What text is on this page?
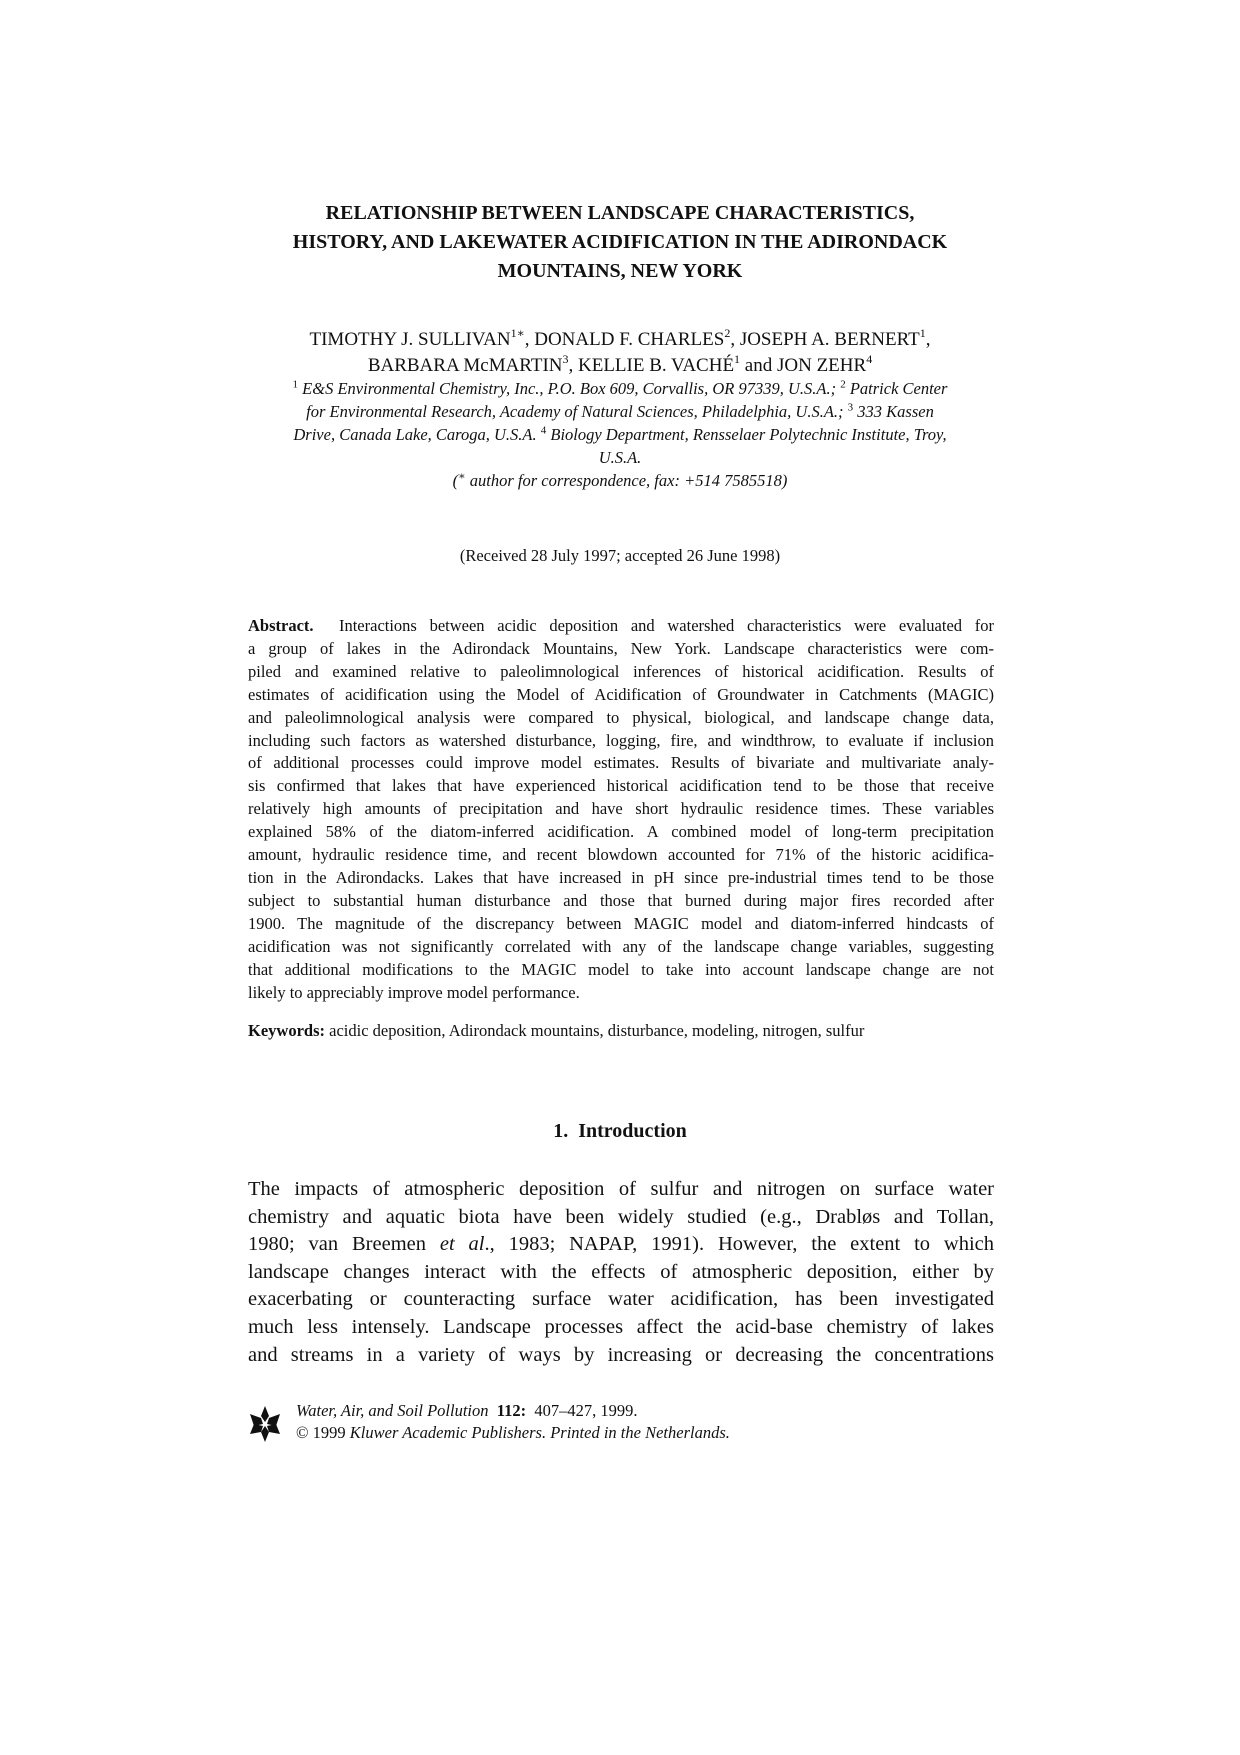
RELATIONSHIP BETWEEN LANDSCAPE CHARACTERISTICS,
HISTORY, AND LAKEWATER ACIDIFICATION IN THE ADIRONDACK
MOUNTAINS, NEW YORK
TIMOTHY J. $SULLIVAN^{1∗}$, DONALD F. CHARLES$^2$, JOSEPH A. BERNERT$^1$,
BARBARA McMARTIN$^3$, KELLIE B. VACHÉ$^1$ and JON ZEHR$^4$
$^1$ E&S Environmental Chemistry, Inc., P.O. Box 609, Corvallis, OR 97339, U.S.A.; $^2$ Patrick Center
for Environmental Research, Academy of Natural Sciences, Philadelphia, U.S.A.; $^3$ 333 Kassen
Drive, Canada Lake, Caroga, U.S.A. $^4$ Biology Department, Rensselaer Polytechnic Institute, Troy,
U.S.A.
(∗ author for correspondence, fax: +514 7585518)
(Received 28 July 1997; accepted 26 June 1998)
Abstract. Interactions between acidic deposition and watershed characteristics were evaluated for
a group of lakes in the Adirondack Mountains, New York. Landscape characteristics were com-
piled and examined relative to paleolimnological inferences of historical acidification. Results of
estimates of acidification using the Model of Acidification of Groundwater in Catchments (MAGIC)
and paleolimnological analysis were compared to physical, biological, and landscape change data,
including such factors as watershed disturbance, logging, fire, and windthrow, to evaluate if inclusion
of additional processes could improve model estimates. Results of bivariate and multivariate analy-
sis confirmed that lakes that have experienced historical acidification tend to be those that receive
relatively high amounts of precipitation and have short hydraulic residence times. These variables
explained 58% of the diatom-inferred acidification. A combined model of long-term precipitation
amount, hydraulic residence time, and recent blowdown accounted for 71% of the historic acidifica-
tion in the Adirondacks. Lakes that have increased in pH since pre-industrial times tend to be those
subject to substantial human disturbance and those that burned during major fires recorded after
1900. The magnitude of the discrepancy between MAGIC model and diatom-inferred hindcasts of
acidification was not significantly correlated with any of the landscape change variables, suggesting
that additional modifications to the MAGIC model to take into account landscape change are not
likely to appreciably improve model performance.
Keywords: acidic deposition, Adirondack mountains, disturbance, modeling, nitrogen, sulfur
1. Introduction
The impacts of atmospheric deposition of sulfur and nitrogen on surface water
chemistry and aquatic biota have been widely studied (e.g., Drabløs and Tollan,
1980; van Breemen et al., 1983; NAPAP, 1991). However, the extent to which
landscape changes interact with the effects of atmospheric deposition, either by
exacerbating or counteracting surface water acidification, has been investigated
much less intensely. Landscape processes affect the acid-base chemistry of lakes
and streams in a variety of ways by increasing or decreasing the concentrations
Water, Air, and Soil Pollution 112: 407–427, 1999.
© 1999 Kluwer Academic Publishers. Printed in the Netherlands.
